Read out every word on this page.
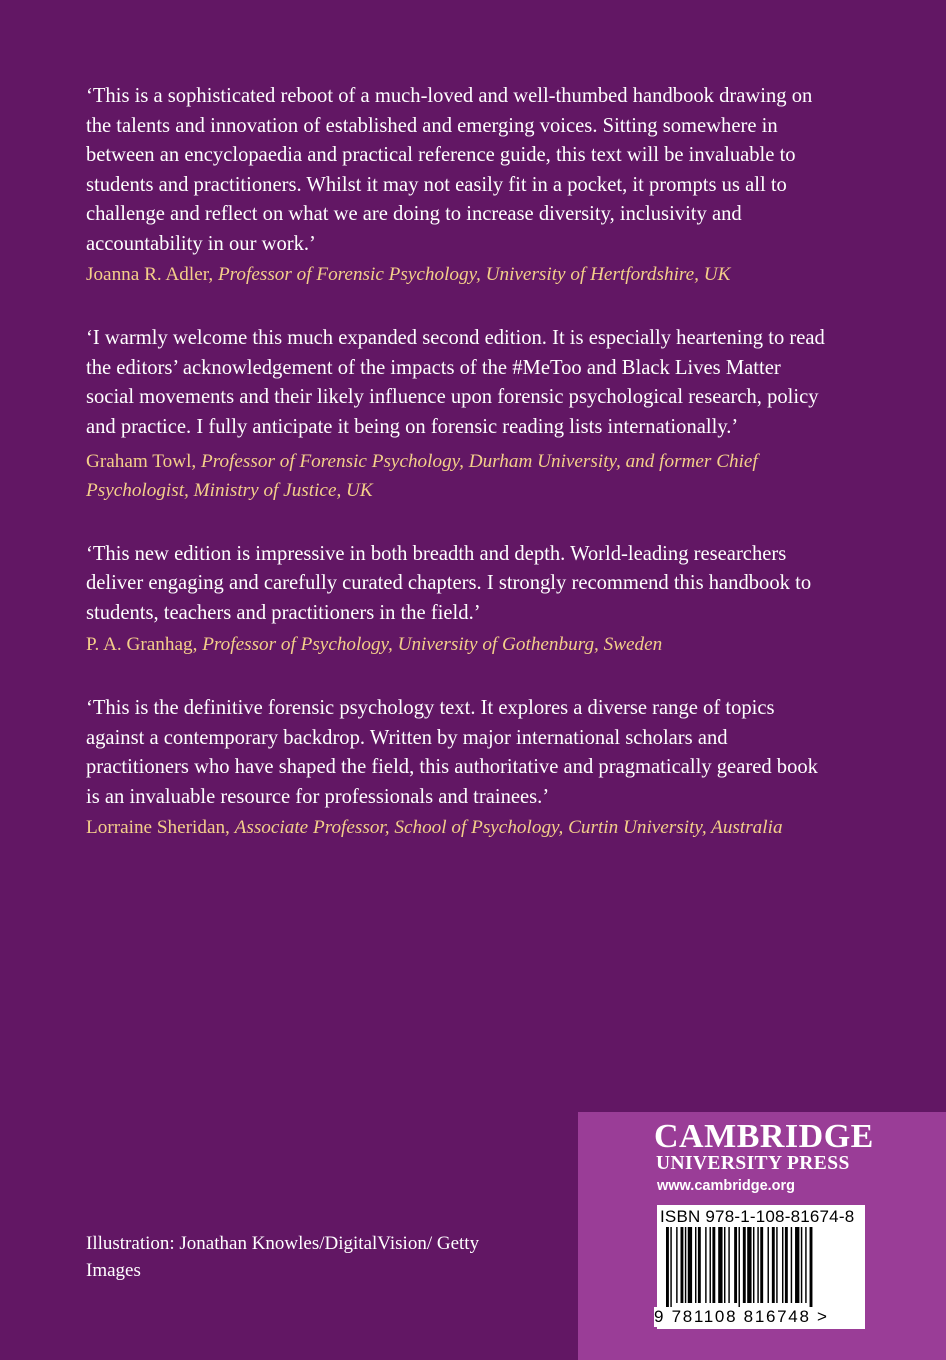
‘This is a sophisticated reboot of a much-loved and well-thumbed handbook drawing on the talents and innovation of established and emerging voices. Sitting somewhere in between an encyclopaedia and practical reference guide, this text will be invaluable to students and practitioners. Whilst it may not easily fit in a pocket, it prompts us all to challenge and reflect on what we are doing to increase diversity, inclusivity and accountability in our work.’

Joanna R. Adler, Professor of Forensic Psychology, University of Hertfordshire, UK

‘I warmly welcome this much expanded second edition. It is especially heartening to read the editors’ acknowledgement of the impacts of the #MeToo and Black Lives Matter social movements and their likely influence upon forensic psychological research, policy and practice. I fully anticipate it being on forensic reading lists internationally.’

Graham Towl, Professor of Forensic Psychology, Durham University, and former Chief Psychologist, Ministry of Justice, UK

‘This new edition is impressive in both breadth and depth. World-leading researchers deliver engaging and carefully curated chapters. I strongly recommend this handbook to students, teachers and practitioners in the field.’

P. A. Granhag, Professor of Psychology, University of Gothenburg, Sweden

‘This is the definitive forensic psychology text. It explores a diverse range of topics against a contemporary backdrop. Written by major international scholars and practitioners who have shaped the field, this authoritative and pragmatically geared book is an invaluable resource for professionals and trainees.’

Lorraine Sheridan, Associate Professor, School of Psychology, Curtin University, Australia

Illustration: Jonathan Knowles/DigitalVision/ Getty Images
CAMBRIDGE
UNIVERSITY PRESS
www.cambridge.org
ISBN 978-1-108-81674-8
9 781108 816748 >
